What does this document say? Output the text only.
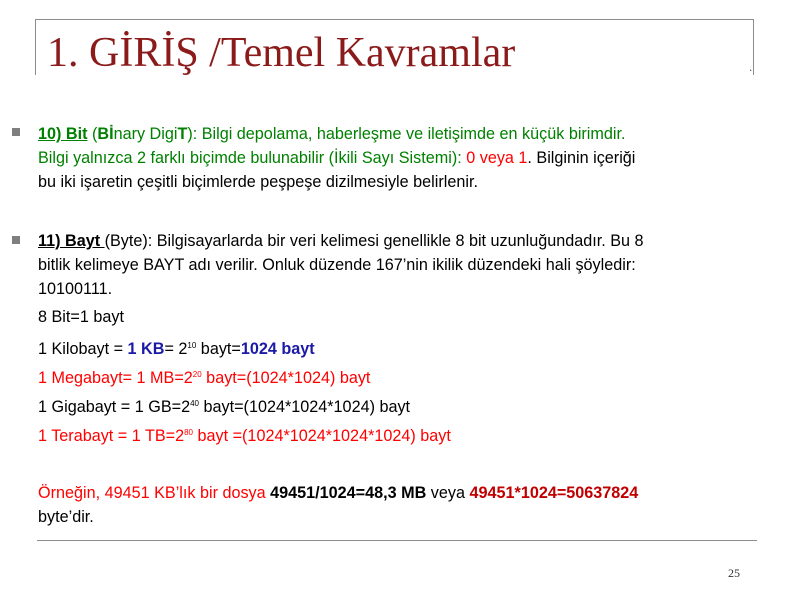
1. GİRİŞ /Temel Kavramlar	.
10) Bit (Bİnary DigiT): Bilgi depolama, haberleşme ve iletişimde en küçük birimdir.
Bilgi yalnızca 2 farklı biçimde bulunabilir (İkili Sayı Sistemi): 0 veya 1. Bilginin içeriği
bu iki işaretin çeşitli biçimlerde peşpeşe dizilmesiyle belirlenir.
11) Bayt (Byte): Bilgisayarlarda bir veri kelimesi genellikle 8 bit uzunluğundadır. Bu 8
bitlik kelimeye BAYT adı verilir. Onluk düzende 167’nin ikilik düzendeki hali şöyledir:
10100111.
8 Bit=1 bayt
1 Kilobayt = 1 $KB= 2^{10}$ bayt=1024 bayt
1 Megabayt= 1 $MB=2^{20}$ bayt=(1024*1024) bayt
1 Gigabayt = 1 $GB=2^{40}$ bayt=(1024*1024*1024) bayt
1 Terabayt = 1 $TB=2^{80}$ bayt =(1024*1024*1024*1024) bayt
Örneğin, 49451 KB’lık bir dosya 49451/1024=48,3 MB veya 49451*1024=50637824
byte’dir.
25
